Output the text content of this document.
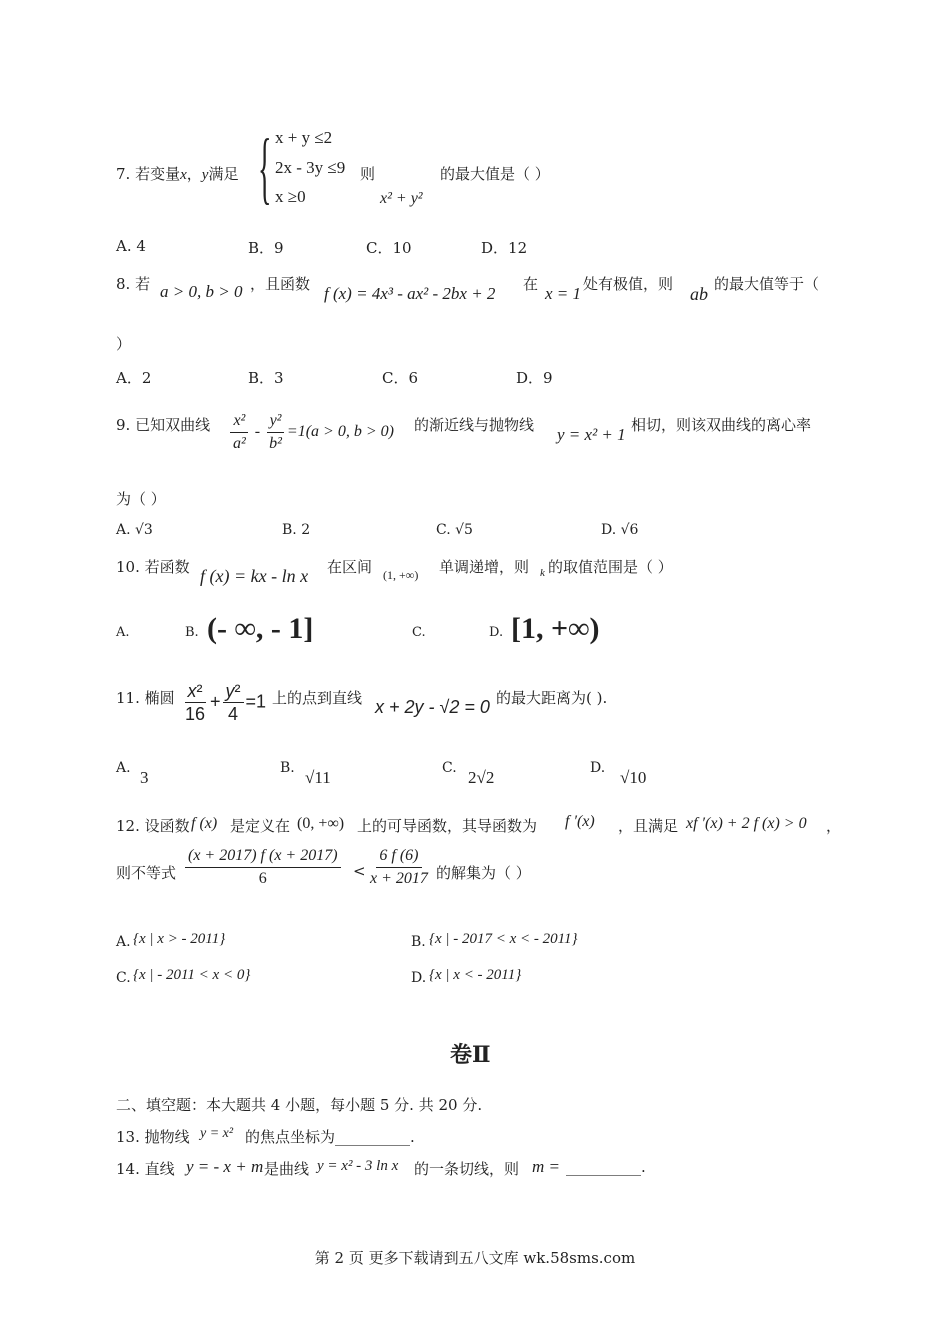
7. 若变量x，y满足 { x + y ≤2
2x - 3y ≤9
x ≥0
则
x² + y²
的最大值是（ ）
A. 4	B．9	C．10	D．12
8. 若 a > 0, b > 0 ，且函数 f (x) = 4x³ - ax² - 2bx + 2 在 x = 1 处有极值，则 ab 的最大值等于（
）
A．2	B．3	C．6	D．9
9. 已知双曲线 $\frac{\text{x²}}{\text{a²}} - \frac{\text{y²}}{\text{b²}} =1(a > 0$, b > 0) 的渐近线与抛物线 y = x² + 1 相切，则该双曲线的离心率
为（ ）
A. √3	B. 2	C. √5	D. √6
10. 若函数 f (x) = kx - ln x 在区间 (1, +∞) 单调递增，则 k 的取值范围是（ ）
A.	B. (- ∞, - 1]	C.	D. [1, +∞)
11. 椭圆 $\frac{\text{x²}}{16} + \frac{\text{y²}}{4} =1$ 上的点到直线 x + 2y - √2 = 0 的最大距离为( ).
A. 3	B. √11	C. 2√2	D. √10
12. 设函数 f (x) 是定义在 (0, +∞) 上的可导函数，其导函数为 f ′(x) ，且满足 xf ′(x) + 2 f (x) > 0 ，
则不等式 $\frac{(x + 2017) f (x + 2017)}{6} < \frac{6 f (6)}{x + 2017}$ 的解集为（ ）
A. {x | x > - 2011}	B. {x | - 2017 < x < - 2011}
C. {x | - 2011 < x < 0}	D. {x | x < - 2011}
卷Ⅱ
二、填空题：本大题共 4 小题，每小题 5 分. 共 20 分.
13. 抛物线 y = x² 的焦点坐标为__________.
14. 直线 y = - x + m 是曲线 y = x² - 3 ln x 的一条切线，则 m = __________.
第 2 页 更多下载请到五八文库 wk.58sms.com
